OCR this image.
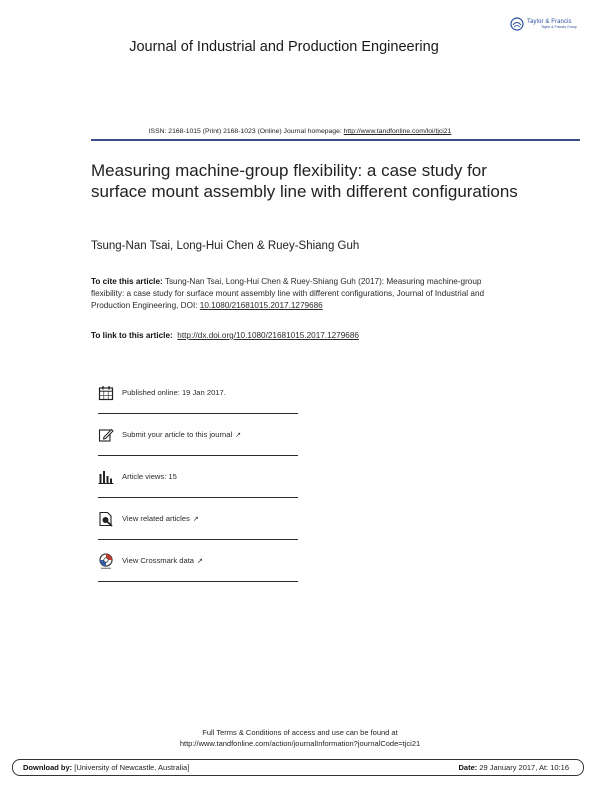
Taylor & Francis
Taylor & Francis Group
Journal of Industrial and Production Engineering
ISSN: 2168-1015 (Print) 2168-1023 (Online) Journal homepage: http://www.tandfonline.com/loi/tjci21
Measuring machine-group flexibility: a case study for surface mount assembly line with different configurations
Tsung-Nan Tsai, Long-Hui Chen & Ruey-Shiang Guh
To cite this article: Tsung-Nan Tsai, Long-Hui Chen & Ruey-Shiang Guh (2017): Measuring machine-group flexibility: a case study for surface mount assembly line with different configurations, Journal of Industrial and Production Engineering, DOI: 10.1080/21681015.2017.1279686
To link to this article: http://dx.doi.org/10.1080/21681015.2017.1279686
Published online: 19 Jan 2017.
Submit your article to this journal ↗
Article views: 15
View related articles ↗
View Crossmark data ↗
Full Terms & Conditions of access and use can be found at
http://www.tandfonline.com/action/journalInformation?journalCode=tjci21
Download by: [University of Newcastle, Australia]	Date: 29 January 2017, At: 10:16
